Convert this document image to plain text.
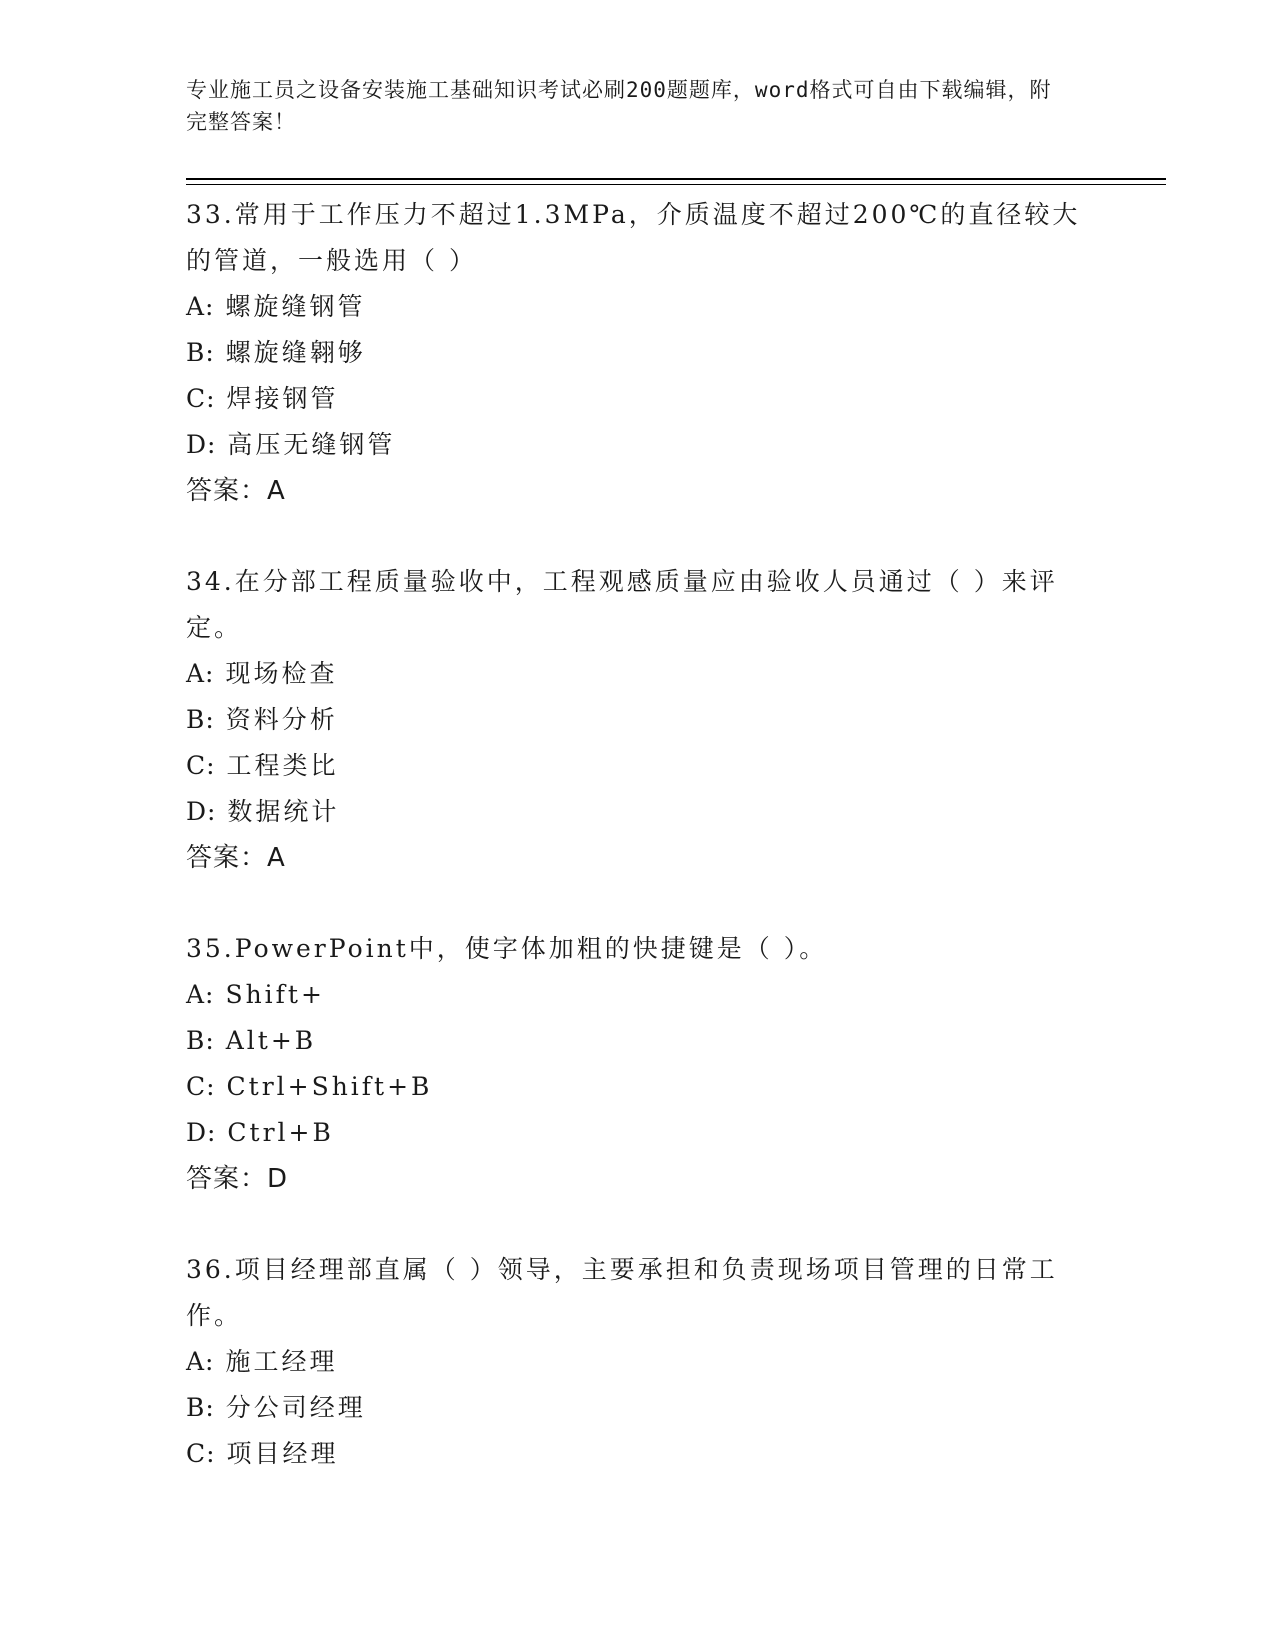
专业施工员之设备安装施工基础知识考试必刷200题题库，word格式可自由下载编辑，附完整答案！
33.常用于工作压力不超过1.3MPa，介质温度不超过200℃的直径较大的管道，一般选用（ ）
A: 螺旋缝钢管
B: 螺旋缝翱够
C: 焊接钢管
D: 高压无缝钢管
答案：A
34.在分部工程质量验收中，工程观感质量应由验收人员通过（ ）来评定。
A: 现场检查
B: 资料分析
C: 工程类比
D: 数据统计
答案：A
35.PowerPoint中，使字体加粗的快捷键是（ ）。
A: Shift+
B: Alt+B
C: Ctrl+Shift+B
D: Ctrl+B
答案：D
36.项目经理部直属（ ）领导，主要承担和负责现场项目管理的日常工作。
A: 施工经理
B: 分公司经理
C: 项目经理
